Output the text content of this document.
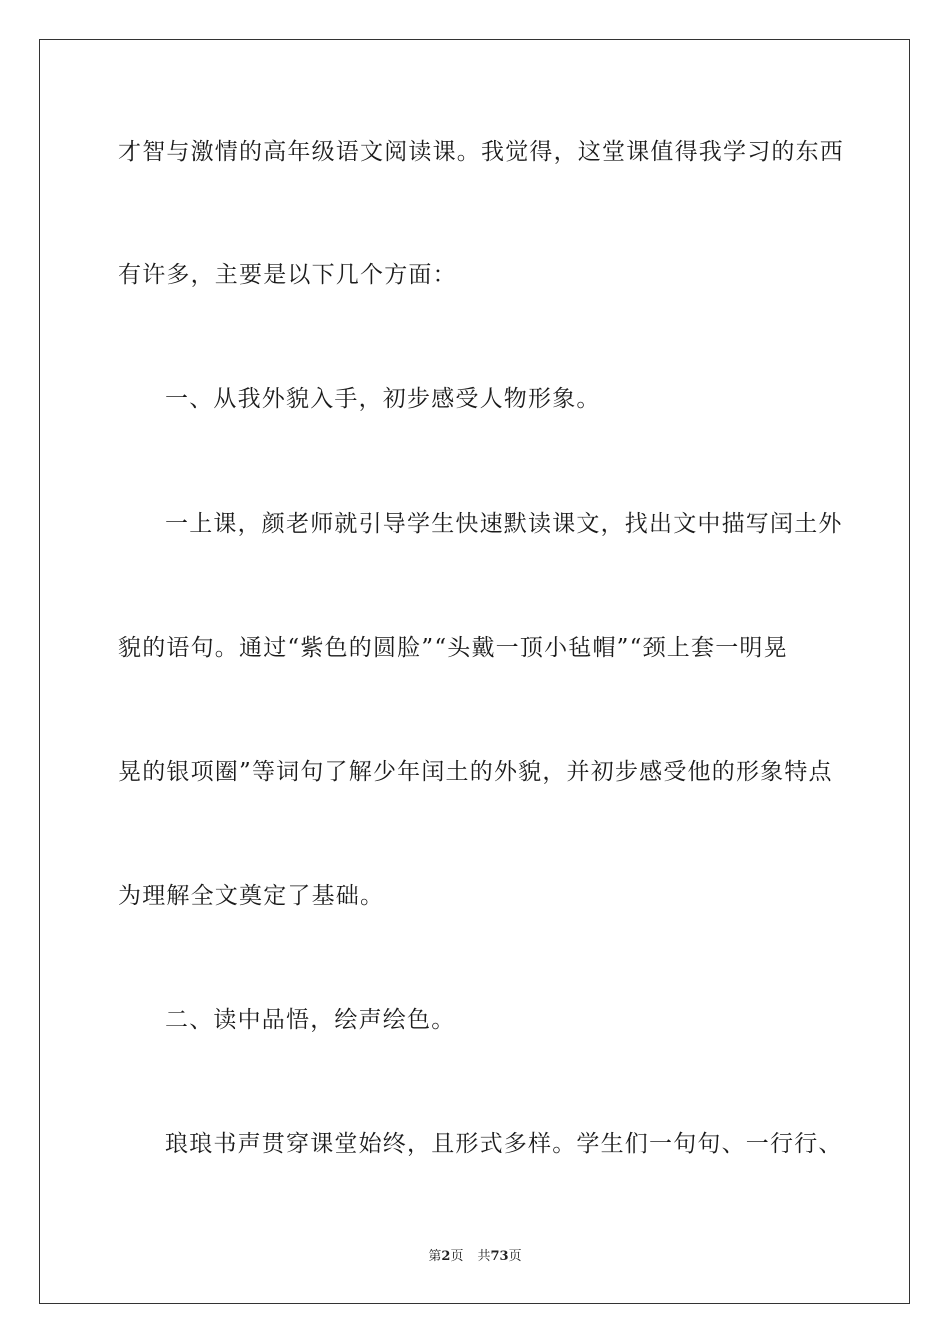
才智与激情的高年级语文阅读课。我觉得，这堂课值得我学习的东西
有许多，主要是以下几个方面：
一、从我外貌入手，初步感受人物形象。
一上课，颜老师就引导学生快速默读课文，找出文中描写闰土外
貌的语句。通过“紫色的圆脸”“头戴一顶小毡帽”“颈上套一明晃
晃的银项圈”等词句了解少年闰土的外貌，并初步感受他的形象特点
为理解全文奠定了基础。
二、读中品悟，绘声绘色。
琅琅书声贯穿课堂始终，且形式多样。学生们一句句、一行行、
第2页 共73页
